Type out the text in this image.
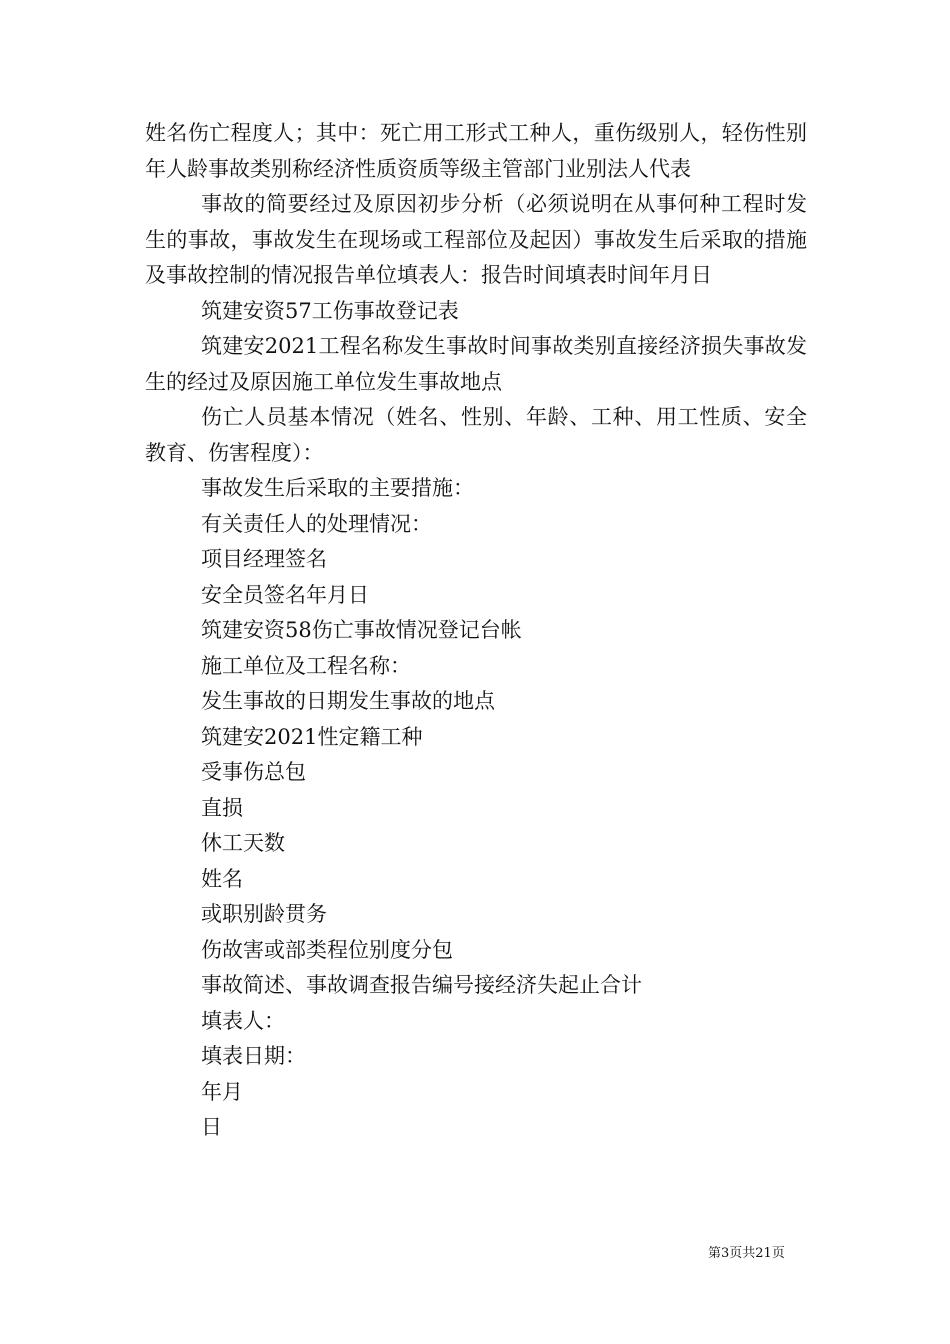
姓名伤亡程度人；其中：死亡用工形式工种人，重伤级别人，轻伤性别年人龄事故类别称经济性质资质等级主管部门业别法人代表

事故的简要经过及原因初步分析（必须说明在从事何种工程时发生的事故，事故发生在现场或工程部位及起因）事故发生后采取的措施及事故控制的情况报告单位填表人：报告时间填表时间年月日

筑建安资57工伤事故登记表

筑建安2021工程名称发生事故时间事故类别直接经济损失事故发生的经过及原因施工单位发生事故地点

伤亡人员基本情况（姓名、性别、年龄、工种、用工性质、安全教育、伤害程度）：

事故发生后采取的主要措施：

有关责任人的处理情况：

项目经理签名

安全员签名年月日

筑建安资58伤亡事故情况登记台帐

施工单位及工程名称：

发生事故的日期发生事故的地点

筑建安2021性定籍工种

受事伤总包

直损

休工天数

姓名

或职别龄贯务

伤故害或部类程位别度分包

事故简述、事故调查报告编号接经济失起止合计

填表人：

填表日期：

年月

日

第3页共21页
